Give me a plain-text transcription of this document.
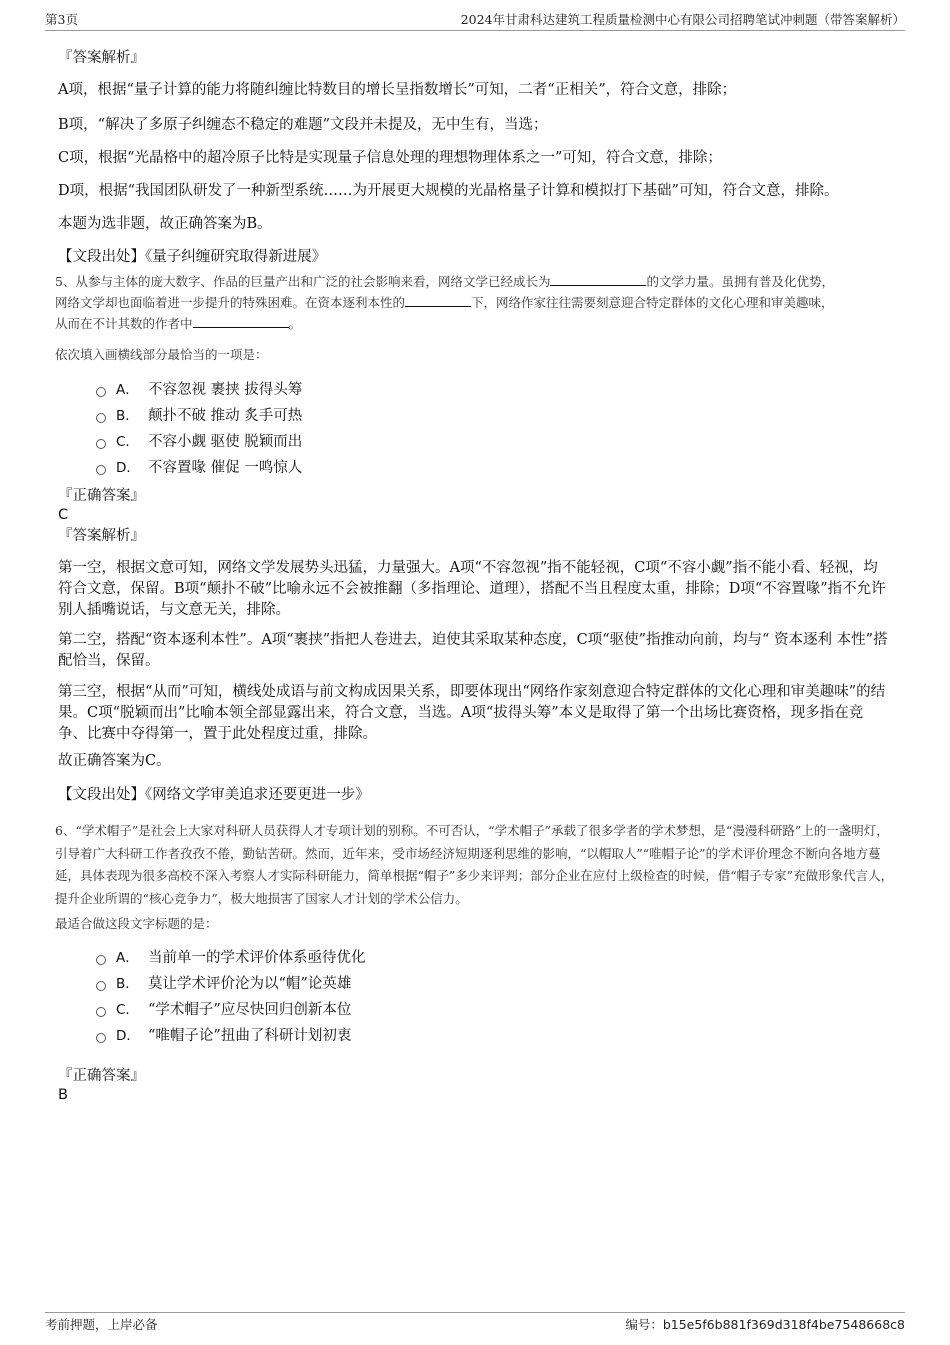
第3页	2024年甘肃科达建筑工程质量检测中心有限公司招聘笔试冲刺题（带答案解析）
『答案解析』
A项，根据“量子计算的能力将随纠缠比特数目的增长呈指数增长”可知，二者“正相关”，符合文意，排除；
B项，“解决了多原子纠缠态不稳定的难题”文段并未提及，无中生有，当选；
C项，根据“光晶格中的超冷原子比特是实现量子信息处理的理想物理体系之一”可知，符合文意，排除；
D项，根据“我国团队研发了一种新型系统……为开展更大规模的光晶格量子计算和模拟打下基础”可知，符合文意，排除。
本题为选非题，故正确答案为B。
【文段出处】《量子纠缠研究取得新进展》
5、从参与主体的庞大数字、作品的巨量产出和广泛的社会影响来看，网络文学已经成长为	的文学力量。虽拥有普及化优势，
网络文学却也面临着进一步提升的特殊困难。在资本逐利本性的	下，网络作家往往需要刻意迎合特定群体的文化心理和审美趣味，
从而在不计其数的作者中	。
依次填入画横线部分最恰当的一项是：
A． 不容忽视 裹挟 拔得头筹
B． 颠扑不破 推动 炙手可热
C． 不容小觑 驱使 脱颖而出
D． 不容置喙 催促 一鸣惊人
『正确答案』
C
『答案解析』
第一空，根据文意可知，网络文学发展势头迅猛，力量强大。A项“不容忽视”指不能轻视，C项“不容小觑”指不能小看、轻视，均符合文意，保留。B项“颠扑不破”比喻永远不会被推翻（多指理论、道理），搭配不当且程度太重，排除；D项“不容置喙”指不允许别人插嘴说话，与文意无关，排除。
第二空，搭配“资本逐利本性”。A项“裹挟”指把人卷进去，迫使其采取某种态度，C项“驱使”指推动向前，均与“ 资本逐利 本性”搭配恰当，保留。
第三空，根据“从而”可知，横线处成语与前文构成因果关系，即要体现出“网络作家刻意迎合特定群体的文化心理和审美趣味”的结果。C项“脱颖而出”比喻本领全部显露出来，符合文意，当选。A项“拔得头筹”本义是取得了第一个出场比赛资格，现多指在竞争、比赛中夺得第一，置于此处程度过重，排除。
故正确答案为C。
【文段出处】《网络文学审美追求还要更进一步》
6、“学术帽子”是社会上大家对科研人员获得人才专项计划的别称。不可否认，“学术帽子”承载了很多学者的学术梦想，是“漫漫科研路”上的一盏明灯，引导着广大科研工作者孜孜不倦，勤钻苦研。然而，近年来，受市场经济短期逐利思维的影响，“以帽取人”“唯帽子论”的学术评价理念不断向各地方蔓延，具体表现为很多高校不深入考察人才实际科研能力，简单根据“帽子”多少来评判；部分企业在应付上级检查的时候，借“帽子专家”充做形象代言人，提升企业所谓的“核心竞争力”，极大地损害了国家人才计划的学术公信力。
最适合做这段文字标题的是：
A． 当前单一的学术评价体系亟待优化
B． 莫让学术评价沦为以“帽”论英雄
C． “学术帽子”应尽快回归创新本位
D． “唯帽子论”扭曲了科研计划初衷
『正确答案』
B
考前押题，上岸必备	编号：b15e5f6b881f369d318f4be7548668c8
